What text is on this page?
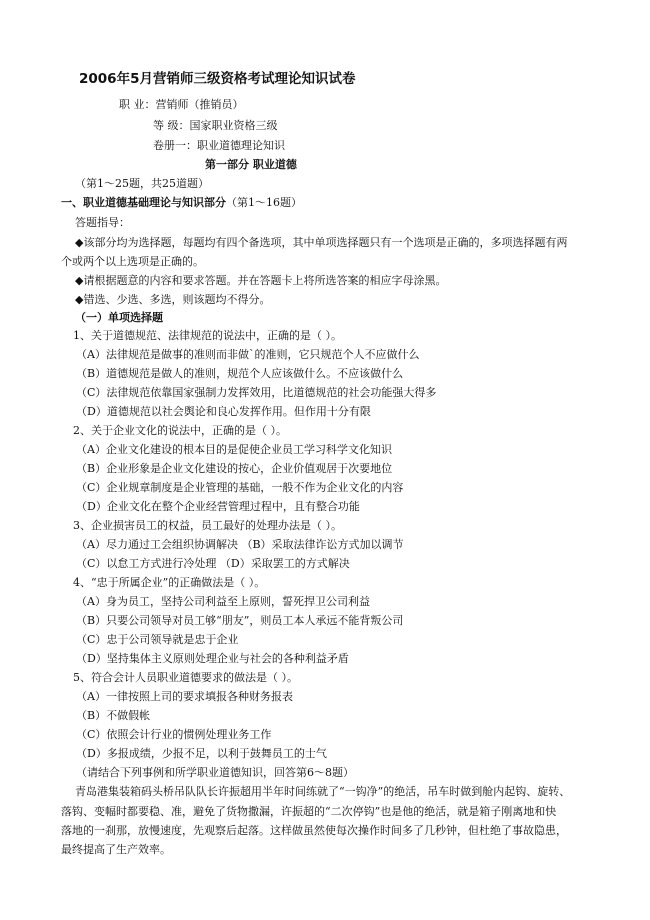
2006年5月营销师三级资格考试理论知识试卷
职 业：营销师（推销员）
等 级：国家职业资格三级
卷册一：职业道德理论知识
第一部分 职业道德
（第1～25题，共25道题）
一、职业道德基础理论与知识部分（第1～16题）
答题指导：
◆该部分均为选择题，每题均有四个备选项，其中单项选择题只有一个选项是正确的，多项选择题有两
个或两个以上选项是正确的。
◆请根据题意的内容和要求答题。并在答题卡上将所选答案的相应字母涂黑。
◆错选、少选、多选，则该题均不得分。
（一）单项选择题
1、关于道德规范、法律规范的说法中，正确的是（ ）。
（A）法律规范是做事的准则而非做`的准则，它只规范个人不应做什么
（B）道德规范是做人的准则，规范个人应该做什么。不应该做什么
（C）法律规范依靠国家强制力发挥效用，比道德规范的社会功能强大得多
（D）道德规范以社会舆论和良心发挥作用。但作用十分有限
2、关于企业文化的说法中，正确的是（ ）。
（A）企业文化建设的根本目的是促使企业员工学习科学文化知识
（B）企业形象是企业文化建设的按心，企业价值观居于次要地位
（C）企业规章制度是企业管理的基础，一般不作为企业文化的内容
（D）企业文化在整个企业经营管理过程中，且有整合功能
3、企业损害员工的权益，员工最好的处理办法是（ ）。
（A）尽力通过工会组织协调解决 （B）采取法律诈讼方式加以调节
（C）以怠工方式进行冷处理 （D）采取罢工的方式解决
4、“忠于所属企业”的正确做法是（ ）。
（A）身为员工，坚持公司利益至上原则，誓死捍卫公司利益
（B）只要公司领导对员工够“朋友”，则员工本人承远不能背叛公司
（C）忠于公司领导就是忠于企业
（D）坚持集体主义原则处理企业与社会的各种利益矛盾
5、符合会计人员职业道德要求的做法是（ ）。
（A）一律按照上司的要求填报各种财务报表
（B）不做假帐
（C）依照会计行业的惯例处理业务工作
（D）多报成绩，少报不足，以利于鼓舞员工的士气
（请结合下列事例和所学职业道德知识，回答第6～8题）
青岛港集装箱码头桥吊队队长许振超用半年时间练就了“一钩净”的绝活，吊车时做到舱内起钩、旋转、
落钩、变幅时都要稳、准，避免了货物撒漏，许振超的“二次停钩”也是他的绝活，就是箱子刚离地和快
落地的一刹那，放慢速度，先观察后起落。这样做虽然使每次操作时间多了几秒钟，但杜绝了事故隐患，
最终提高了生产效率。
